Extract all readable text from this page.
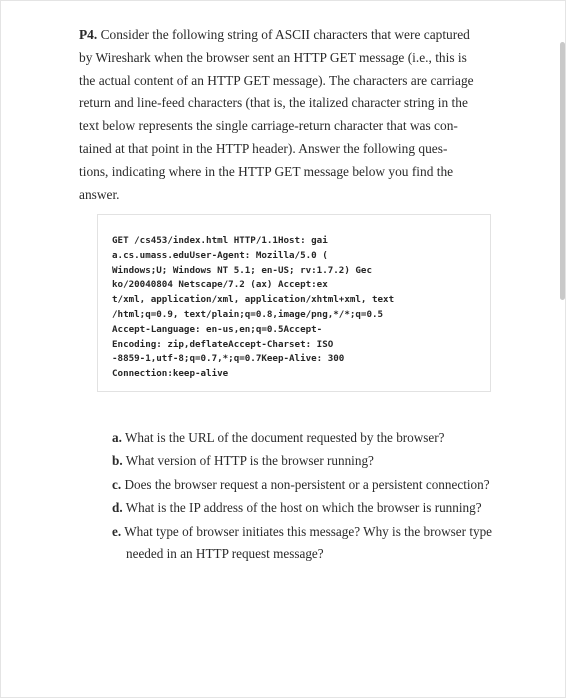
P4. Consider the following string of ASCII characters that were captured
by Wireshark when the browser sent an HTTP GET message (i.e., this is
the actual content of an HTTP GET message). The characters are carriage
return and line-feed characters (that is, the italized character string in the
text below represents the single carriage-return character that was con-
tained at that point in the HTTP header). Answer the following ques-
tions, indicating where in the HTTP GET message below you find the
answer.

GET /cs453/index.html HTTP/1.1Host: gai
a.cs.umass.eduUser-Agent: Mozilla/5.0 (
Windows;U; Windows NT 5.1; en-US; rv:1.7.2) Gec
ko/20040804 Netscape/7.2 (ax) Accept:ex
t/xml, application/xml, application/xhtml+xml, text
/html;q=0.9, text/plain;q=0.8,image/png,*/*;q=0.5
Accept-Language: en-us,en;q=0.5Accept-
Encoding: zip,deflateAccept-Charset: ISO
-8859-1,utf-8;q=0.7,*;q=0.7Keep-Alive: 300
Connection:keep-alive
a. What is the URL of the document requested by the browser?
b. What version of HTTP is the browser running?
c. Does the browser request a non-persistent or a persistent connection?
d. What is the IP address of the host on which the browser is running?
e. What type of browser initiates this message? Why is the browser type needed in an HTTP request message?
